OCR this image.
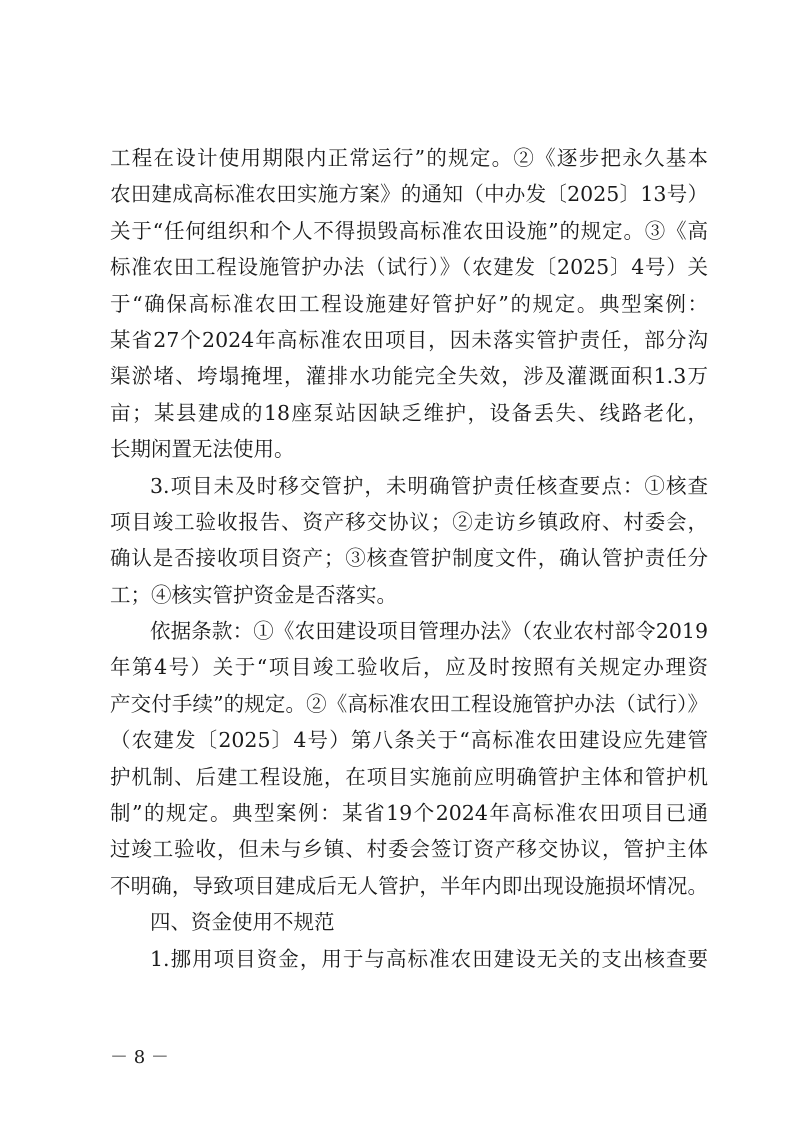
工程在设计使用期限内正常运行”的规定。②《逐步把永久基本
农田建成高标准农田实施方案》的通知（中办发〔2025〕13号）
关于“任何组织和个人不得损毁高标准农田设施”的规定。③《高
标准农田工程设施管护办法（试行）》（农建发〔2025〕4号）关
于“确保高标准农田工程设施建好管护好”的规定。典型案例：
某省27个2024年高标准农田项目，因未落实管护责任，部分沟
渠淤堵、垮塌掩埋，灌排水功能完全失效，涉及灌溉面积1.3万
亩；某县建成的18座泵站因缺乏维护，设备丢失、线路老化，
长期闲置无法使用。
3.项目未及时移交管护，未明确管护责任核查要点：①核查
项目竣工验收报告、资产移交协议；②走访乡镇政府、村委会，
确认是否接收项目资产；③核查管护制度文件，确认管护责任分
工；④核实管护资金是否落实。
依据条款：①《农田建设项目管理办法》（农业农村部令2019
年第4号）关于“项目竣工验收后，应及时按照有关规定办理资
产交付手续”的规定。②《高标准农田工程设施管护办法（试行）》
（农建发〔2025〕4号）第八条关于“高标准农田建设应先建管
护机制、后建工程设施，在项目实施前应明确管护主体和管护机
制”的规定。典型案例：某省19个2024年高标准农田项目已通
过竣工验收，但未与乡镇、村委会签订资产移交协议，管护主体
不明确，导致项目建成后无人管护，半年内即出现设施损坏情况。
四、资金使用不规范
1.挪用项目资金，用于与高标准农田建设无关的支出核查要
－ 8 －
